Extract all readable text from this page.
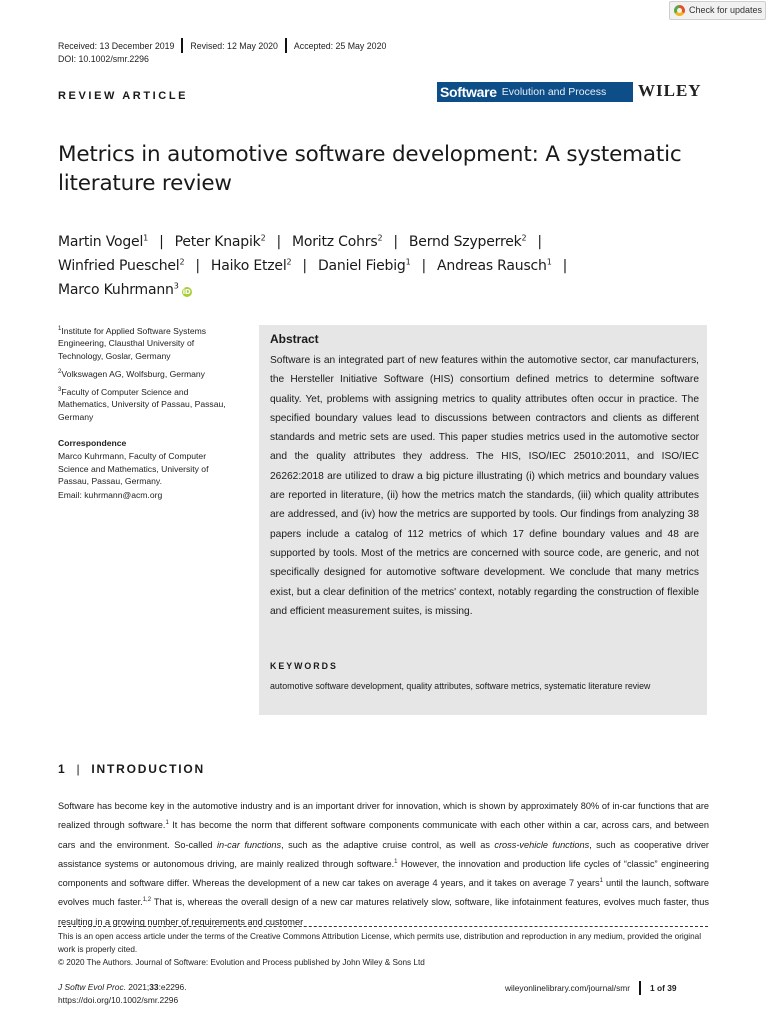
Check for updates
Received: 13 December 2019 Revised: 12 May 2020 Accepted: 25 May 2020
DOI: 10.1002/smr.2296
REVIEW ARTICLE	Software Evolution and Process WILEY
Metrics in automotive software development: A systematic literature review
Martin Vogel$^1$ | Peter Knapik$^2$ | Moritz Cohrs$^2$ | Bernd Szyperrek$^2$ |
Winfried Pueschel$^2$ | Haiko Etzel$^2$ | Daniel Fiebig$^1$ | Andreas Rausch$^1$ |
Marco Kuhrmann$^3$iD
$^1$Institute for Applied Software Systems Engineering, Clausthal University of Technology, Goslar, Germany
$^2$Volkswagen AG, Wolfsburg, Germany
$^3$Faculty of Computer Science and Mathematics, University of Passau, Passau, Germany
Correspondence
Marco Kuhrmann, Faculty of Computer Science and Mathematics, University of Passau, Passau, Germany.
Email: kuhrmann@acm.org
Abstract
Software is an integrated part of new features within the automotive sector, car manufacturers, the Hersteller Initiative Software (HIS) consortium defined metrics to determine software quality. Yet, problems with assigning metrics to quality attributes often occur in practice. The specified boundary values lead to discussions between contractors and clients as different standards and metric sets are used. This paper studies metrics used in the automotive sector and the quality attributes they address. The HIS, ISO/IEC 25010:2011, and ISO/IEC 26262:2018 are utilized to draw a big picture illustrating (i) which metrics and boundary values are reported in literature, (ii) how the metrics match the standards, (iii) which quality attributes are addressed, and (iv) how the metrics are supported by tools. Our findings from analyzing 38 papers include a catalog of 112 metrics of which 17 define boundary values and 48 are supported by tools. Most of the metrics are concerned with source code, are generic, and not specifically designed for automotive software development. We conclude that many metrics exist, but a clear definition of the metrics' context, notably regarding the construction of flexible and efficient measurement suites, is missing.
KEYWORDS
automotive software development, quality attributes, software metrics, systematic literature review
1 | INTRODUCTION
Software has become key in the automotive industry and is an important driver for innovation, which is shown by approximately 80% of in-car functions that are realized through software.$^1$ It has become the norm that different software components communicate with each other within a car, across cars, and between cars and the environment. So-called in-car functions, such as the adaptive cruise control, as well as cross-vehicle functions, such as cooperative driver assistance systems or autonomous driving, are mainly realized through software.$^1$ However, the innovation and production life cycles of “classic” engineering components and software differ. Whereas the development of a new car takes on average 4 years, and it takes on average 7 years$^1$ until the launch, software evolves much faster.$^{1,2}$ That is, whereas the overall design of a new car matures relatively slow, software, like infotainment features, evolves much faster, thus resulting in a growing number of requirements and customer
This is an open access article under the terms of the Creative Commons Attribution License, which permits use, distribution and reproduction in any medium, provided the original work is properly cited.
© 2020 The Authors. Journal of Software: Evolution and Process published by John Wiley & Sons Ltd
J Softw Evol Proc. 2021;33:e2296.
https://doi.org/10.1002/smr.2296
wileyonlinelibrary.com/journal/smr 1 of 39
